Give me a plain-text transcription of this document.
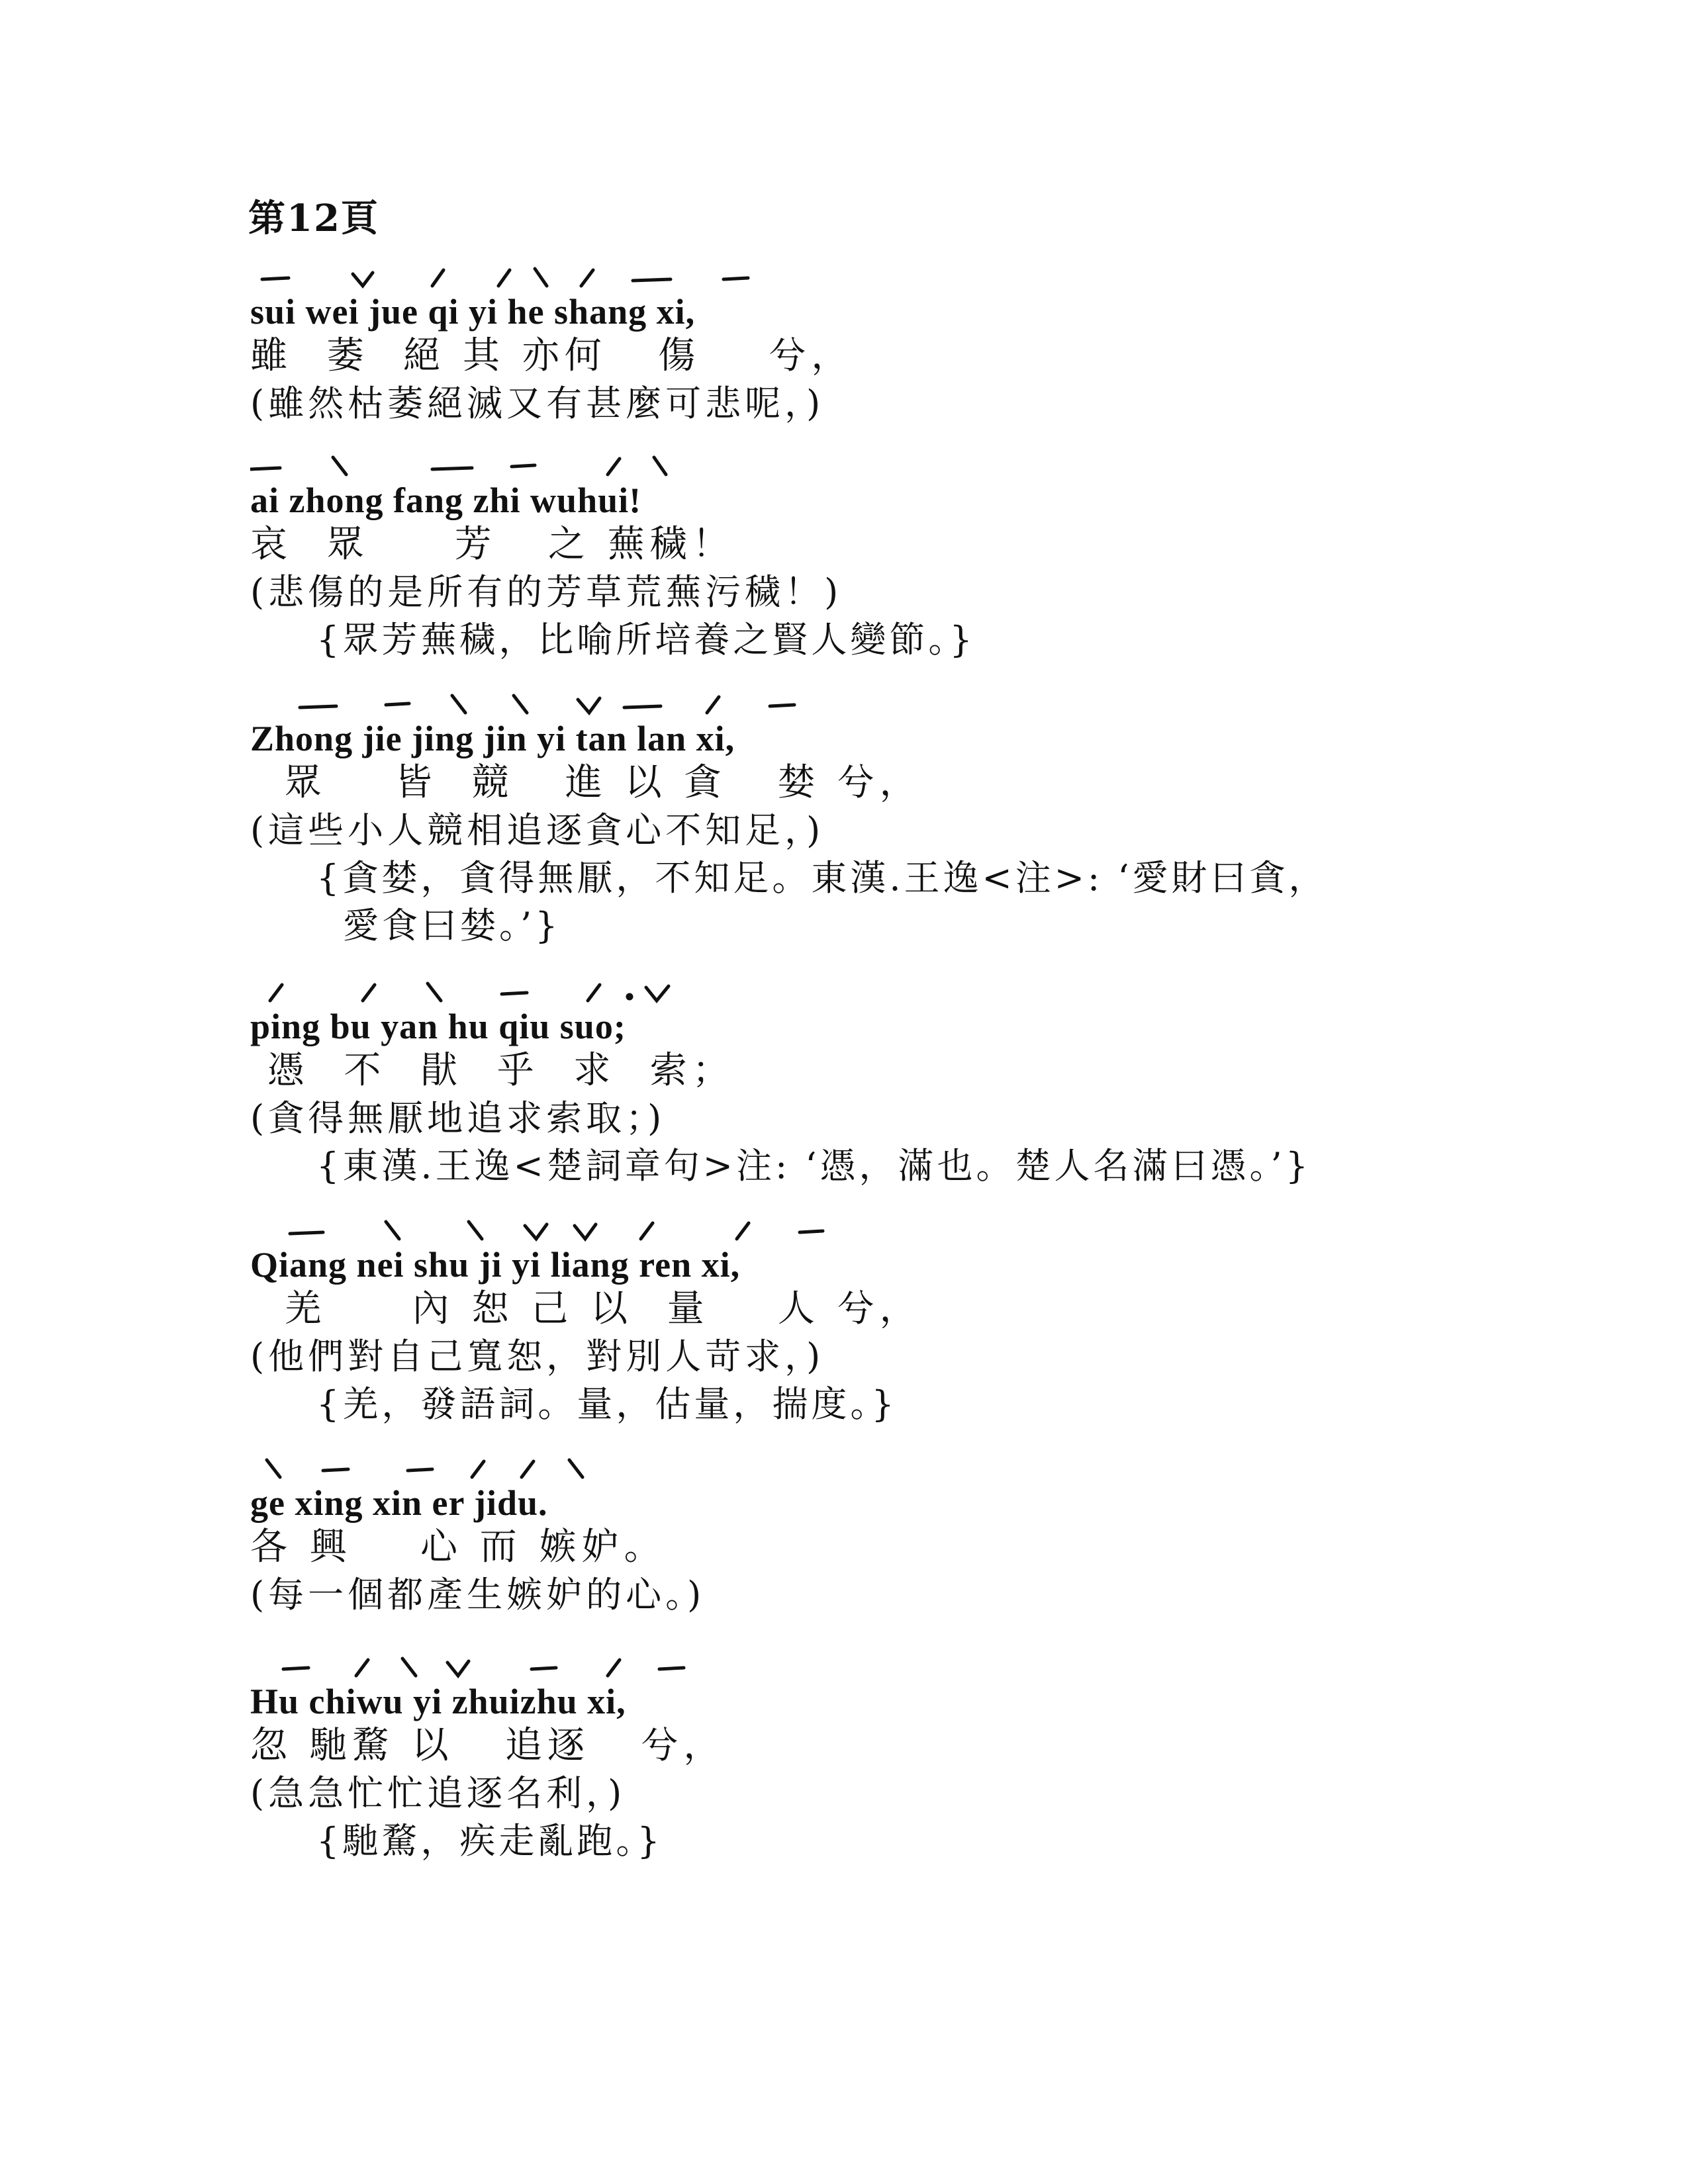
第12頁
sui wei jue qi yi he shang xi,
雖  萎  絕 其 亦何   傷    兮，
(雖然枯萎絕滅又有甚麼可悲呢，)
ai zhong fang zhi wuhui!
哀  眾     芳   之 蕪穢！
(悲傷的是所有的芳草荒蕪污穢！)
{眾芳蕪穢，比喻所培養之賢人變節。}
Zhong jie jing jin yi tan lan xi,
眾    皆  競   進 以 貪   婪 兮，
(這些小人競相追逐貪心不知足，)
{貪婪，貪得無厭，不知足。東漢.王逸<注>: ‘愛財曰貪，
愛食曰婪。’}
ping bu yan hu qiu suo;
憑  不  猒  乎  求  索；
(貪得無厭地追求索取；)
{東漢.王逸<楚詞章句>注: ‘憑，滿也。楚人名滿曰憑。’}
Qiang nei shu ji yi liang ren xi,
羌     內 恕 己 以  量    人 兮，
(他們對自己寬恕，對別人苛求，)
{羌，發語詞。量，估量，揣度。}
ge xing xin er jidu.
各 興    心 而 嫉妒。
(每一個都產生嫉妒的心。)
Hu chiwu yi zhuizhu xi,
忽 馳騖 以   追逐   兮，
(急急忙忙追逐名利，)
{馳騖，疾走亂跑。}
